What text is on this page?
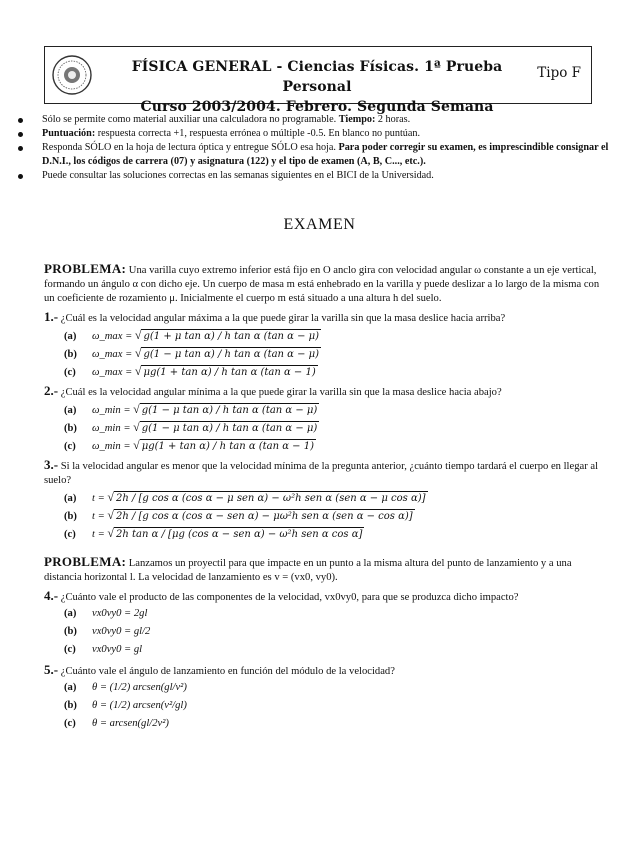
FÍSICA GENERAL - Ciencias Físicas. 1ª Prueba Personal
Curso 2003/2004. Febrero. Segunda Semana
Tipo F
Sólo se permite como material auxiliar una calculadora no programable. Tiempo: 2 horas.
Puntuación: respuesta correcta +1, respuesta errónea o múltiple -0.5. En blanco no puntúan.
Responda SÓLO en la hoja de lectura óptica y entregue SÓLO esa hoja. Para poder corregir su examen, es imprescindible consignar el D.N.I., los códigos de carrera (07) y asignatura (122) y el tipo de examen (A, B, C..., etc.).
Puede consultar las soluciones correctas en las semanas siguientes en el BICI de la Universidad.
EXAMEN
PROBLEMA: Una varilla cuyo extremo inferior está fijo en O anclo gira con velocidad angular ω constante a un eje vertical, formando un ángulo α con dicho eje. Un cuerpo de masa m está enhebrado en la varilla y puede deslizar a lo largo de la misma con un coeficiente de rozamiento μ. Inicialmente el cuerpo m está situado a una altura h del suelo.
1.- ¿Cuál es la velocidad angular máxima a la que puede girar la varilla sin que la masa deslice hacia arriba?
(a) ω_max = √ g(1 + μ tan α) / h tan α (tan α − μ)
(b) ω_max = √ g(1 − μ tan α) / h tan α (tan α − μ)
(c) ω_max = √ μg(1 + tan α) / h tan α (tan α − 1)
2.- ¿Cuál es la velocidad angular mínima a la que puede girar la varilla sin que la masa deslice hacia abajo?
(a) ω_min = √ g(1 − μ tan α) / h tan α (tan α − μ)
(b) ω_min = √ g(1 − μ tan α) / h tan α (tan α − μ)
(c) ω_min = √ μg(1 + tan α) / h tan α (tan α − 1)
3.- Si la velocidad angular es menor que la velocidad mínima de la pregunta anterior, ¿cuánto tiempo tardará el cuerpo en llegar al suelo?
(a) t = √ 2h / [g cos α (cos α − μ sen α) − ω²h sen α (sen α − μ cos α)]
(b) t = √ 2h / [g cos α (cos α − sen α) − μω²h sen α (sen α − cos α)]
(c) t = √ 2h tan α / [μg (cos α − sen α) − ω²h sen α cos α]
PROBLEMA: Lanzamos un proyectil para que impacte en un punto a la misma altura del punto de lanzamiento y a una distancia horizontal l. La velocidad de lanzamiento es v = (vx0, vy0).
4.- ¿Cuánto vale el producto de las componentes de la velocidad, vx0vy0, para que se produzca dicho impacto?
(a) vx0vy0 = 2gl
(b) vx0vy0 = gl/2
(c) vx0vy0 = gl
5.- ¿Cuánto vale el ángulo de lanzamiento en función del módulo de la velocidad?
(a) θ = (1/2) arcsen(gl/v²)
(b) θ = (1/2) arcsen(v²/gl)
(c) θ = arcsen(gl/2v²)
